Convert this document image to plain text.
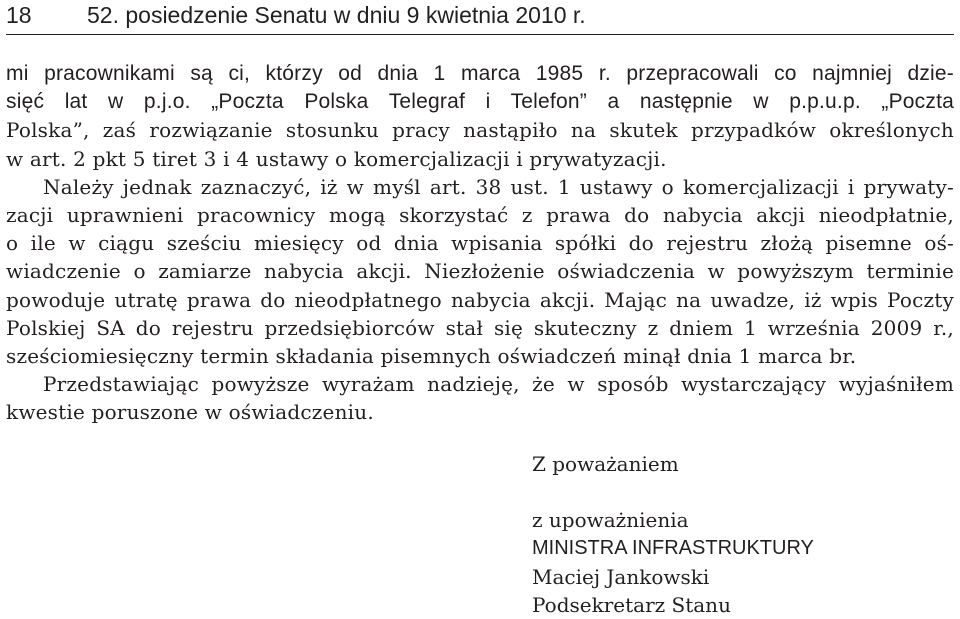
18 52. posiedzenie Senatu w dniu 9 kwietnia 2010 r.
mi pracownikami są ci, którzy od dnia 1 marca 1985 r. przepracowali co najmniej dzie-
sięć lat w p.j.o. „Poczta Polska Telegraf i Telefon” a następnie w p.p.u.p. „Poczta
Polska”, zaś rozwiązanie stosunku pracy nastąpiło na skutek przypadków określonych
w art. 2 pkt 5 tiret 3 i 4 ustawy o komercjalizacji i prywatyzacji.
Należy jednak zaznaczyć, iż w myśl art. 38 ust. 1 ustawy o komercjalizacji i prywaty-
zacji uprawnieni pracownicy mogą skorzystać z prawa do nabycia akcji nieodpłatnie,
o ile w ciągu sześciu miesięcy od dnia wpisania spółki do rejestru złożą pisemne oś-
wiadczenie o zamiarze nabycia akcji. Niezłożenie oświadczenia w powyższym terminie
powoduje utratę prawa do nieodpłatnego nabycia akcji. Mając na uwadze, iż wpis Poczty
Polskiej SA do rejestru przedsiębiorców stał się skuteczny z dniem 1 września 2009 r.,
sześciomiesięczny termin składania pisemnych oświadczeń minął dnia 1 marca br.
Przedstawiając powyższe wyrażam nadzieję, że w sposób wystarczający wyjaśniłem
kwestie poruszone w oświadczeniu.
Z poważaniem
z upoważnienia
MINISTRA INFRASTRUKTURY
Maciej Jankowski
Podsekretarz Stanu
